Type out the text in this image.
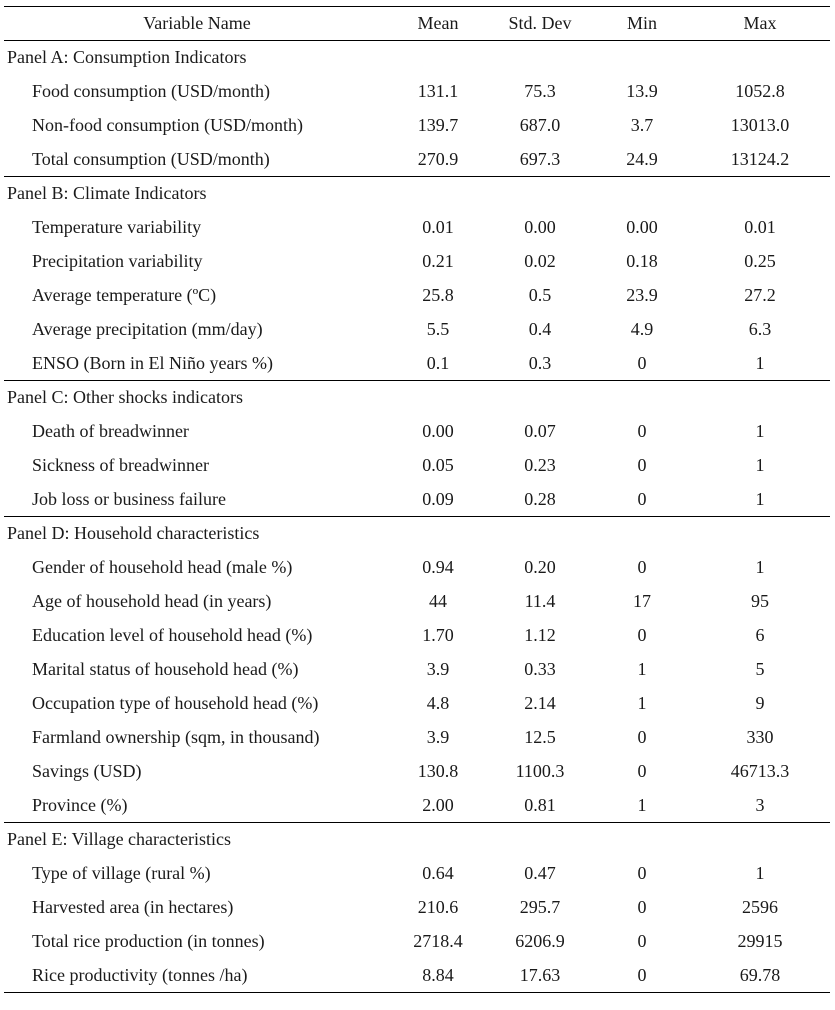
Variable Name	Mean	Std. Dev	Min	Max
Panel A: Consumption Indicators				
Food consumption (USD/month)	131.1	75.3	13.9	1052.8
Non-food consumption (USD/month)	139.7	687.0	3.7	13013.0
Total consumption (USD/month)	270.9	697.3	24.9	13124.2
Panel B: Climate Indicators				
Temperature variability	0.01	0.00	0.00	0.01
Precipitation variability	0.21	0.02	0.18	0.25
Average temperature (ºC)	25.8	0.5	23.9	27.2
Average precipitation (mm/day)	5.5	0.4	4.9	6.3
ENSO (Born in El Niño years %)	0.1	0.3	0	1
Panel C: Other shocks indicators				
Death of breadwinner	0.00	0.07	0	1
Sickness of breadwinner	0.05	0.23	0	1
Job loss or business failure	0.09	0.28	0	1
Panel D: Household characteristics				
Gender of household head (male %)	0.94	0.20	0	1
Age of household head (in years)	44	11.4	17	95
Education level of household head (%)	1.70	1.12	0	6
Marital status of household head (%)	3.9	0.33	1	5
Occupation type of household head (%)	4.8	2.14	1	9
Farmland ownership (sqm, in thousand)	3.9	12.5	0	330
Savings (USD)	130.8	1100.3	0	46713.3
Province (%)	2.00	0.81	1	3
Panel E: Village characteristics				
Type of village (rural %)	0.64	0.47	0	1
Harvested area (in hectares)	210.6	295.7	0	2596
Total rice production (in tonnes)	2718.4	6206.9	0	29915
Rice productivity (tonnes /ha)	8.84	17.63	0	69.78
